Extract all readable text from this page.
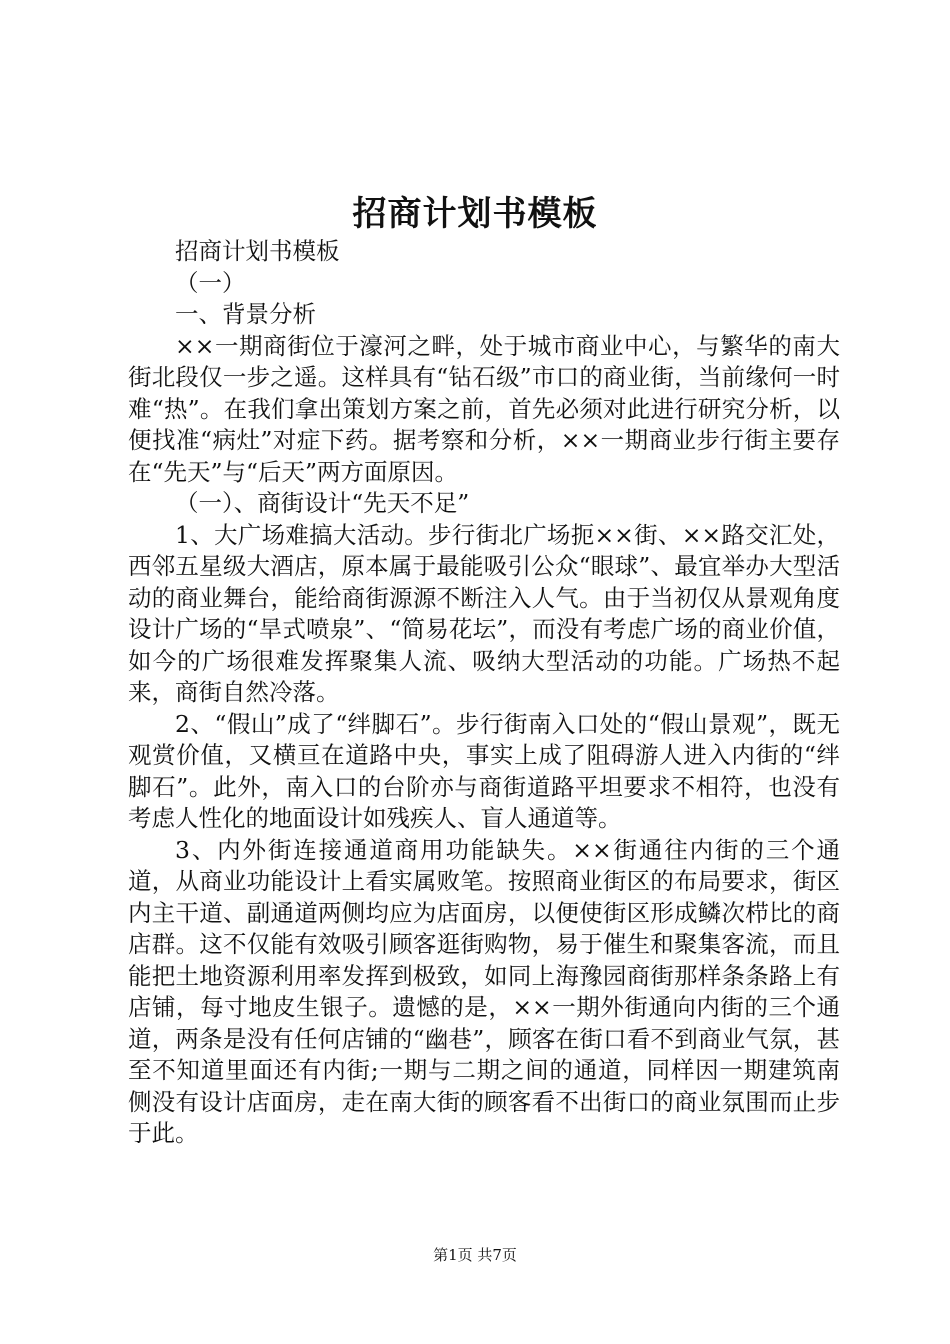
招商计划书模板

招商计划书模板

（一）

一、背景分析

××一期商街位于濠河之畔，处于城市商业中心，与繁华的南大街北段仅一步之遥。这样具有“钻石级”市口的商业街，当前缘何一时难“热”。在我们拿出策划方案之前，首先必须对此进行研究分析，以便找准“病灶”对症下药。据考察和分析，××一期商业步行街主要存在“先天”与“后天”两方面原因。

（一）、商街设计“先天不足”

1、大广场难搞大活动。步行街北广场扼××街、××路交汇处，西邻五星级大酒店，原本属于最能吸引公众“眼球”、最宜举办大型活动的商业舞台，能给商街源源不断注入人气。由于当初仅从景观角度设计广场的“旱式喷泉”、“简易花坛”，而没有考虑广场的商业价值，如今的广场很难发挥聚集人流、吸纳大型活动的功能。广场热不起来，商街自然冷落。

2、“假山”成了“绊脚石”。步行街南入口处的“假山景观”，既无观赏价值，又横亘在道路中央，事实上成了阻碍游人进入内街的“绊脚石”。此外，南入口的台阶亦与商街道路平坦要求不相符，也没有考虑人性化的地面设计如残疾人、盲人通道等。

3、内外街连接通道商用功能缺失。××街通往内街的三个通道，从商业功能设计上看实属败笔。按照商业街区的布局要求，街区内主干道、副通道两侧均应为店面房，以便使街区形成鳞次栉比的商店群。这不仅能有效吸引顾客逛街购物，易于催生和聚集客流，而且能把土地资源利用率发挥到极致，如同上海豫园商街那样条条路上有店铺，每寸地皮生银子。遗憾的是，××一期外街通向内街的三个通道，两条是没有任何店铺的“幽巷”，顾客在街口看不到商业气氛，甚至不知道里面还有内街;一期与二期之间的通道，同样因一期建筑南侧没有设计店面房，走在南大街的顾客看不出街口的商业氛围而止步于此。

第1页 共7页
